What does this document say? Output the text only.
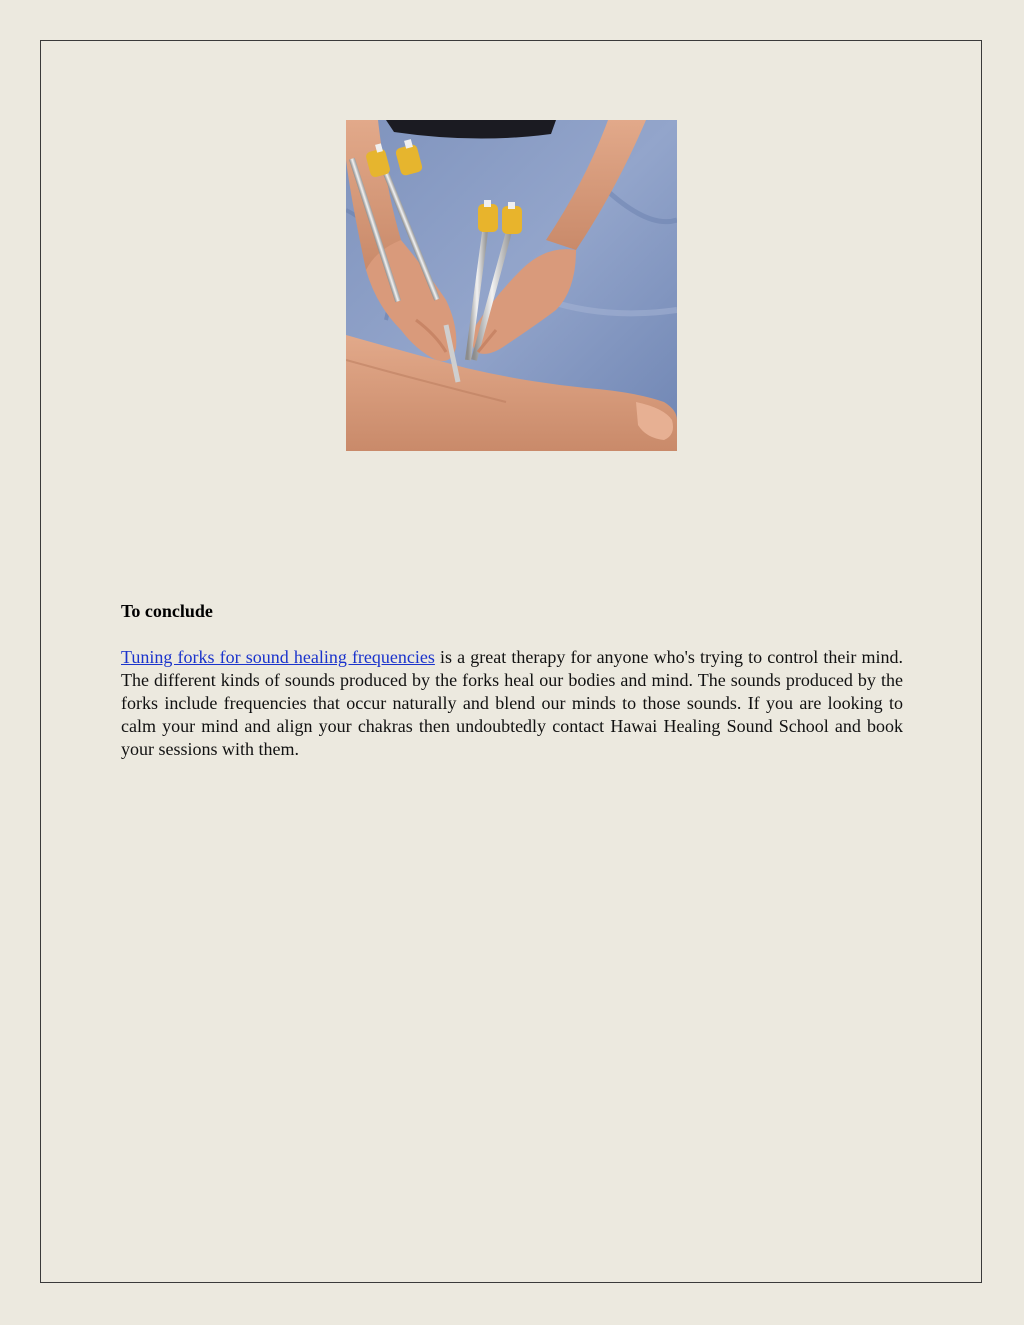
To conclude

Tuning forks for sound healing frequencies is a great therapy for anyone who's trying to control their mind. The different kinds of sounds produced by the forks heal our bodies and mind. The sounds produced by the forks include frequencies that occur naturally and blend our minds to those sounds. If you are looking to calm your mind and align your chakras then undoubtedly contact Hawai Healing Sound School and book your sessions with them.
